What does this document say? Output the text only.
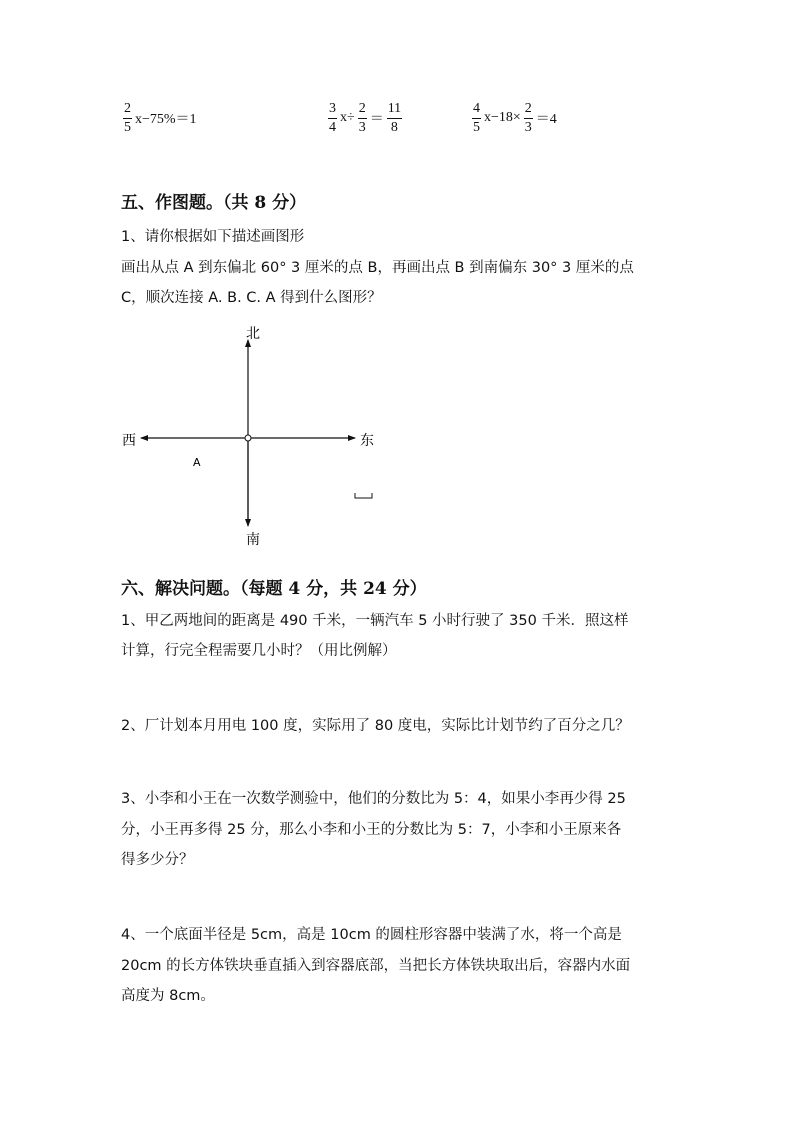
$\frac{2}{5} x-75\%=1$	$\frac{3}{4} x\div \frac{2}{3} = \frac{11}{8}$	$\frac{4}{5} x-18\times \frac{2}{3} =4$
五、作图题。（共 8 分）
1、请你根据如下描述画图形
画出从点 A 到东偏北 60° 3 厘米的点 B，再画出点 B 到南偏东 30° 3 厘米的点
C，顺次连接 A. B. C. A 得到什么图形？
北
南
东
西
A
六、解决问题。（每题 4 分，共 24 分）
1、甲乙两地间的距离是 490 千米，一辆汽车 5 小时行驶了 350 千米．照这样
计算，行完全程需要几小时？（用比例解）
2、厂计划本月用电 100 度，实际用了 80 度电，实际比计划节约了百分之几？
3、小李和小王在一次数学测验中，他们的分数比为 5：4，如果小李再少得 25
分，小王再多得 25 分，那么小李和小王的分数比为 5：7，小李和小王原来各
得多少分？
4、一个底面半径是 5cm，高是 10cm 的圆柱形容器中装满了水，将一个高是
20cm 的长方体铁块垂直插入到容器底部，当把长方体铁块取出后，容器内水面
高度为 8cm。
